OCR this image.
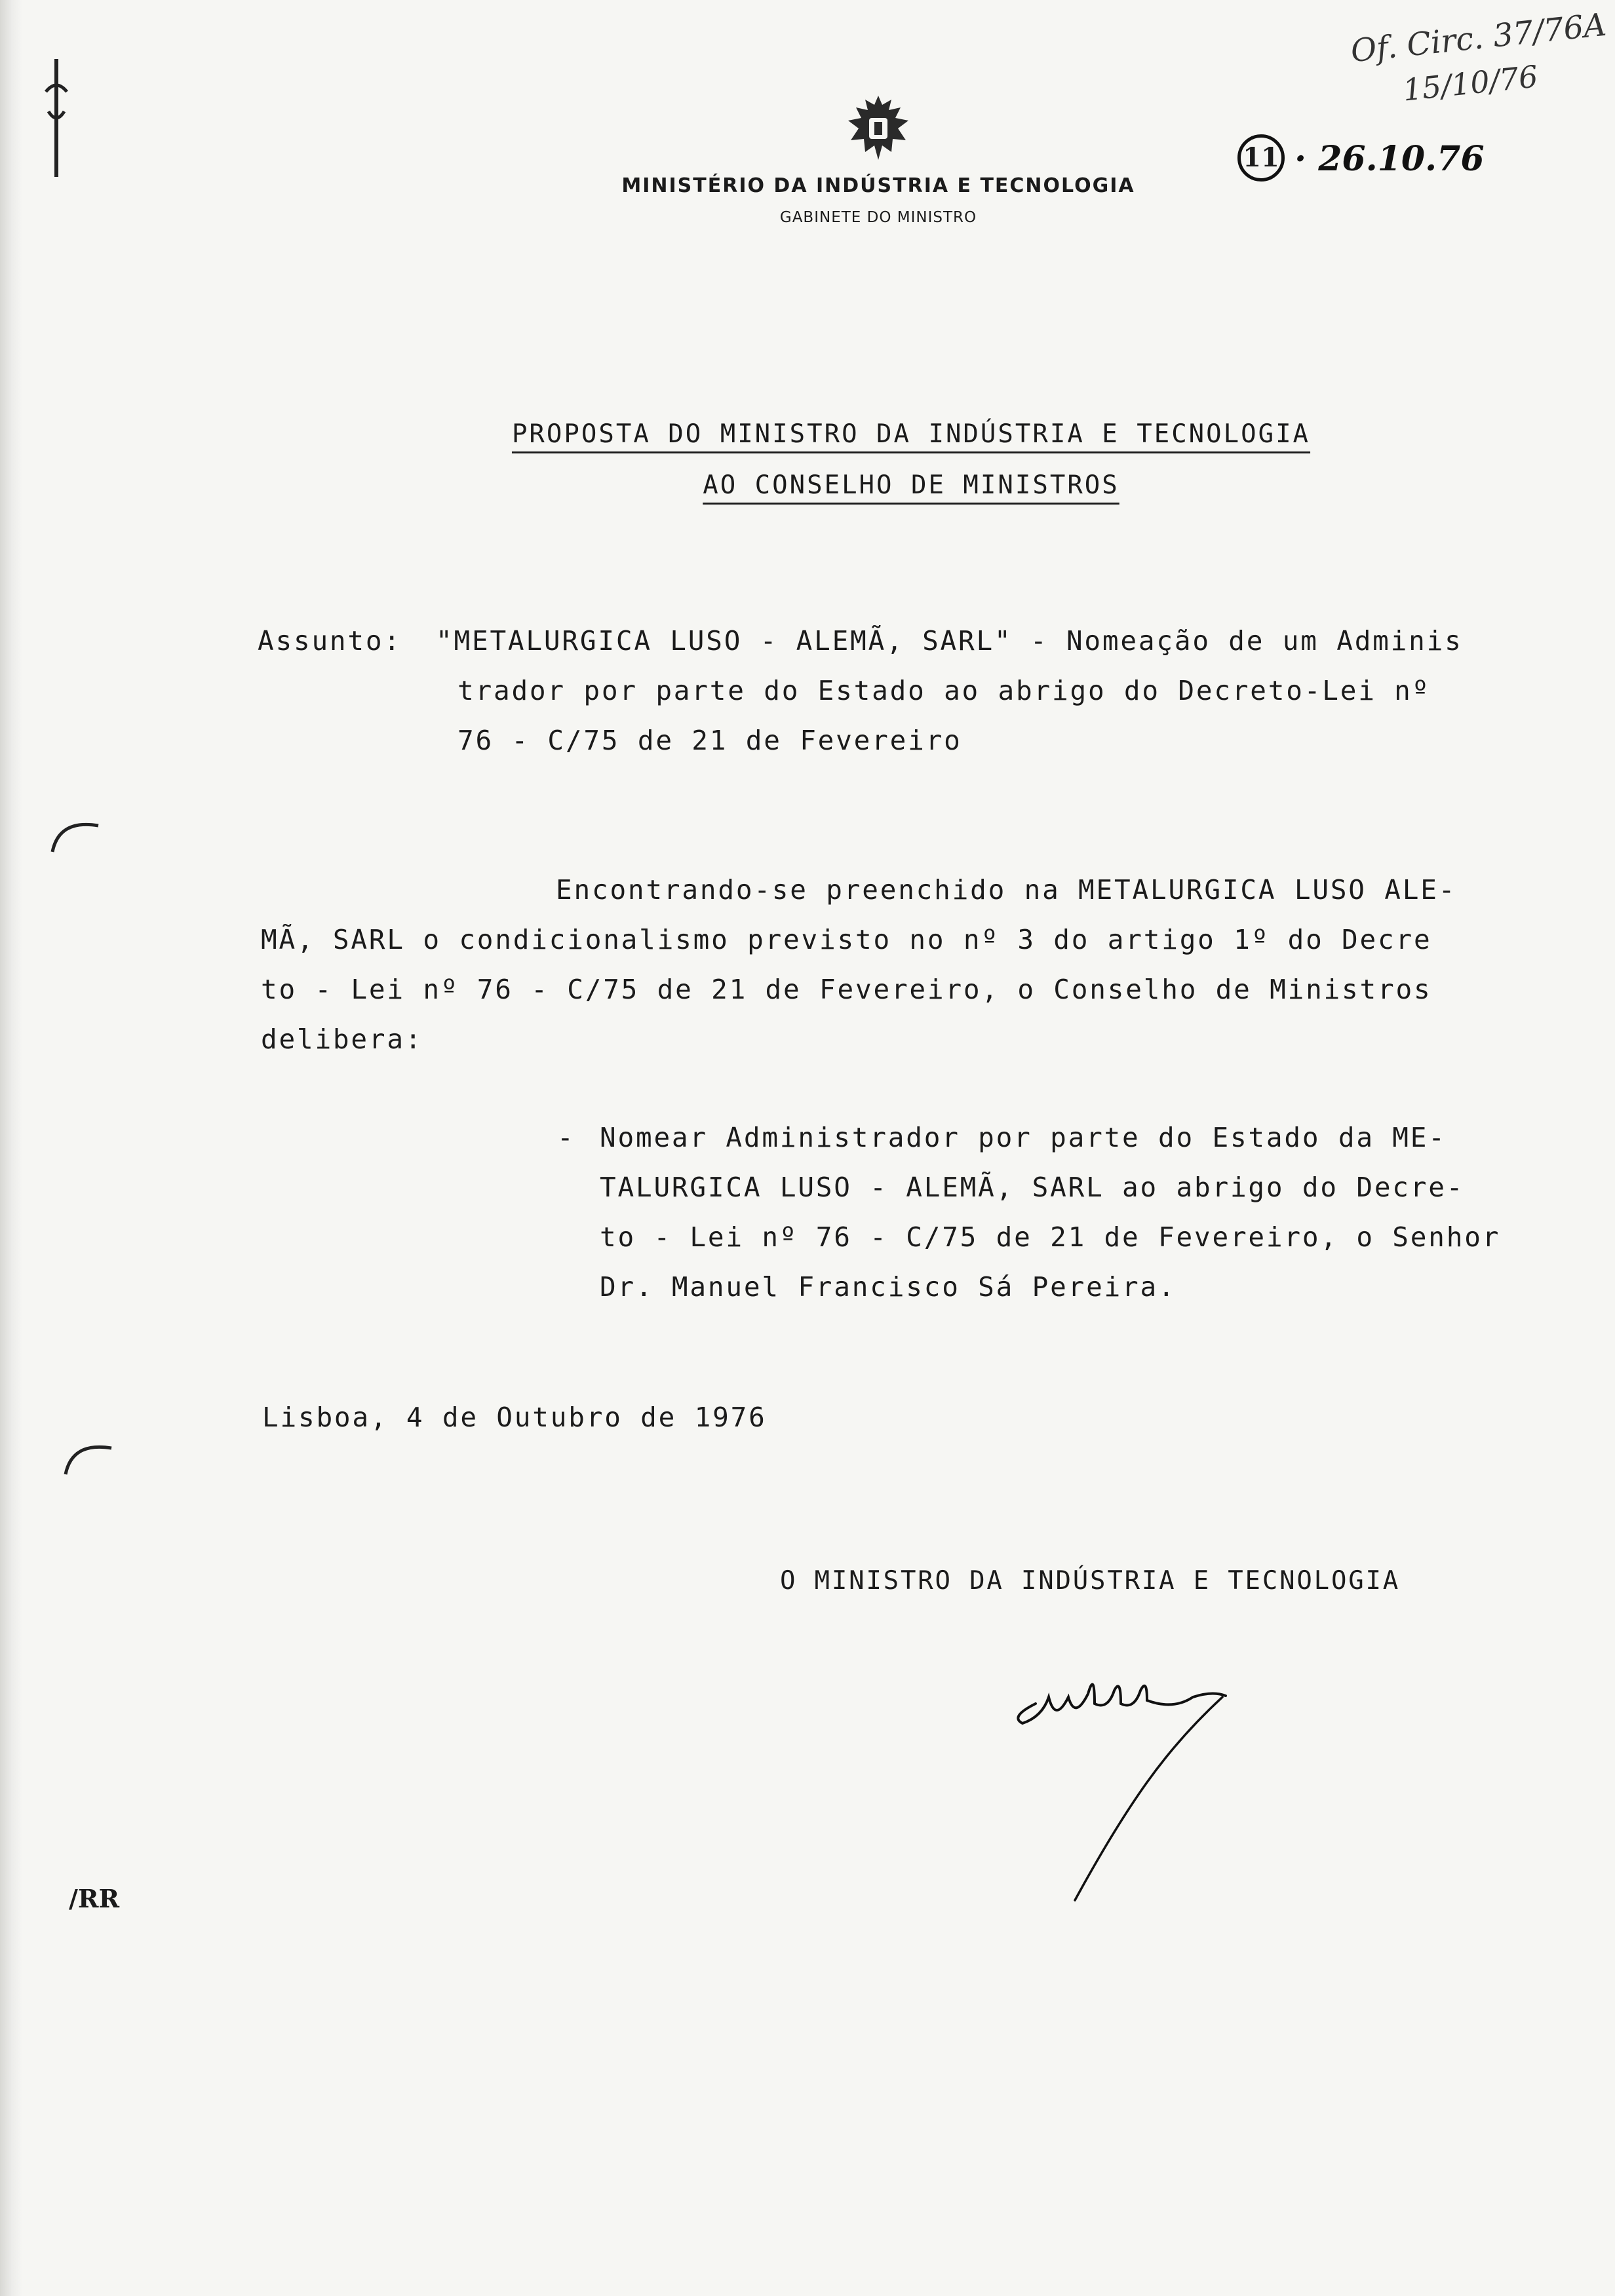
MINISTÉRIO DA INDÚSTRIA E TECNOLOGIA
GABINETE DO MINISTRO
Of. Circ. 37/76A
15/10/76
11 · 26.10.76
PROPOSTA DO MINISTRO DA INDÚSTRIA E TECNOLOGIA
AO CONSELHO DE MINISTROS
Assunto: "METALURGICA LUSO - ALEMÃ, SARL" - Nomeação de um Adminis
trador por parte do Estado ao abrigo do Decreto-Lei nº
76 - C/75 de 21 de Fevereiro
Encontrando-se preenchido na METALURGICA LUSO ALE-
MÃ, SARL o condicionalismo previsto no nº 3 do artigo 1º do Decre
to - Lei nº 76 - C/75 de 21 de Fevereiro, o Conselho de Ministros
delibera:
- Nomear Administrador por parte do Estado da ME-
TALURGICA LUSO - ALEMÃ, SARL ao abrigo do Decre-
to - Lei nº 76 - C/75 de 21 de Fevereiro, o Senhor
Dr. Manuel Francisco Sá Pereira.
Lisboa, 4 de Outubro de 1976
O MINISTRO DA INDÚSTRIA E TECNOLOGIA
/RR
